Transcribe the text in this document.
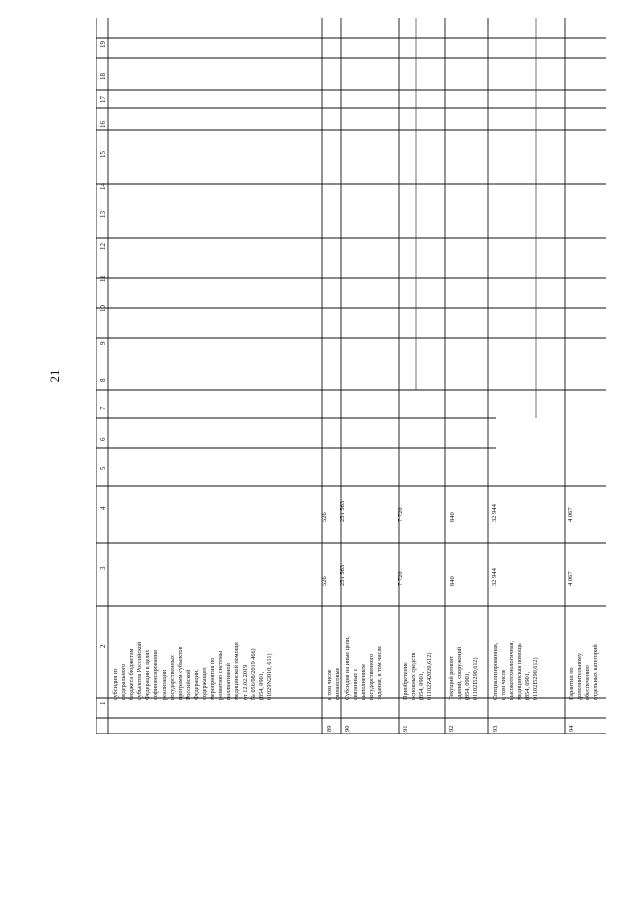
21
1
2
3
4
5
6
7
8
9
10
11
12
13
14
15
16
17
18
19
субсидия из федерального бюджета бюджетам субъектов Российской Федерации в целях софинансирования реализации государственных программ субъектов Российской Федерации, содержащих мероприятия по развитию системы паллиативной медицинской помощи от 12.02.2019 № 056/08/2019 466) (854, 0901, 01029N2010, 611)
89
в том числе финансовые
526
526
90
Субсидия на иные цели, связанные с выполнением государственного задания, в том числе
251 563
251 563
91
Приобретение основных средств (854, 0901, 01102Z42020,612)
7 720
7 720
92
Текущий ремонт зданий, сооружений (854, 0901, 01102I5290,612)
840
840
93
Специализированная, в том числе высокотехнологичная, медицинская помощь (854, 0901, 01102I5290,612)
32 944
32 944
94
Гарантии по дополнительному обеспечению отдельных категорий
4 067
4 067
